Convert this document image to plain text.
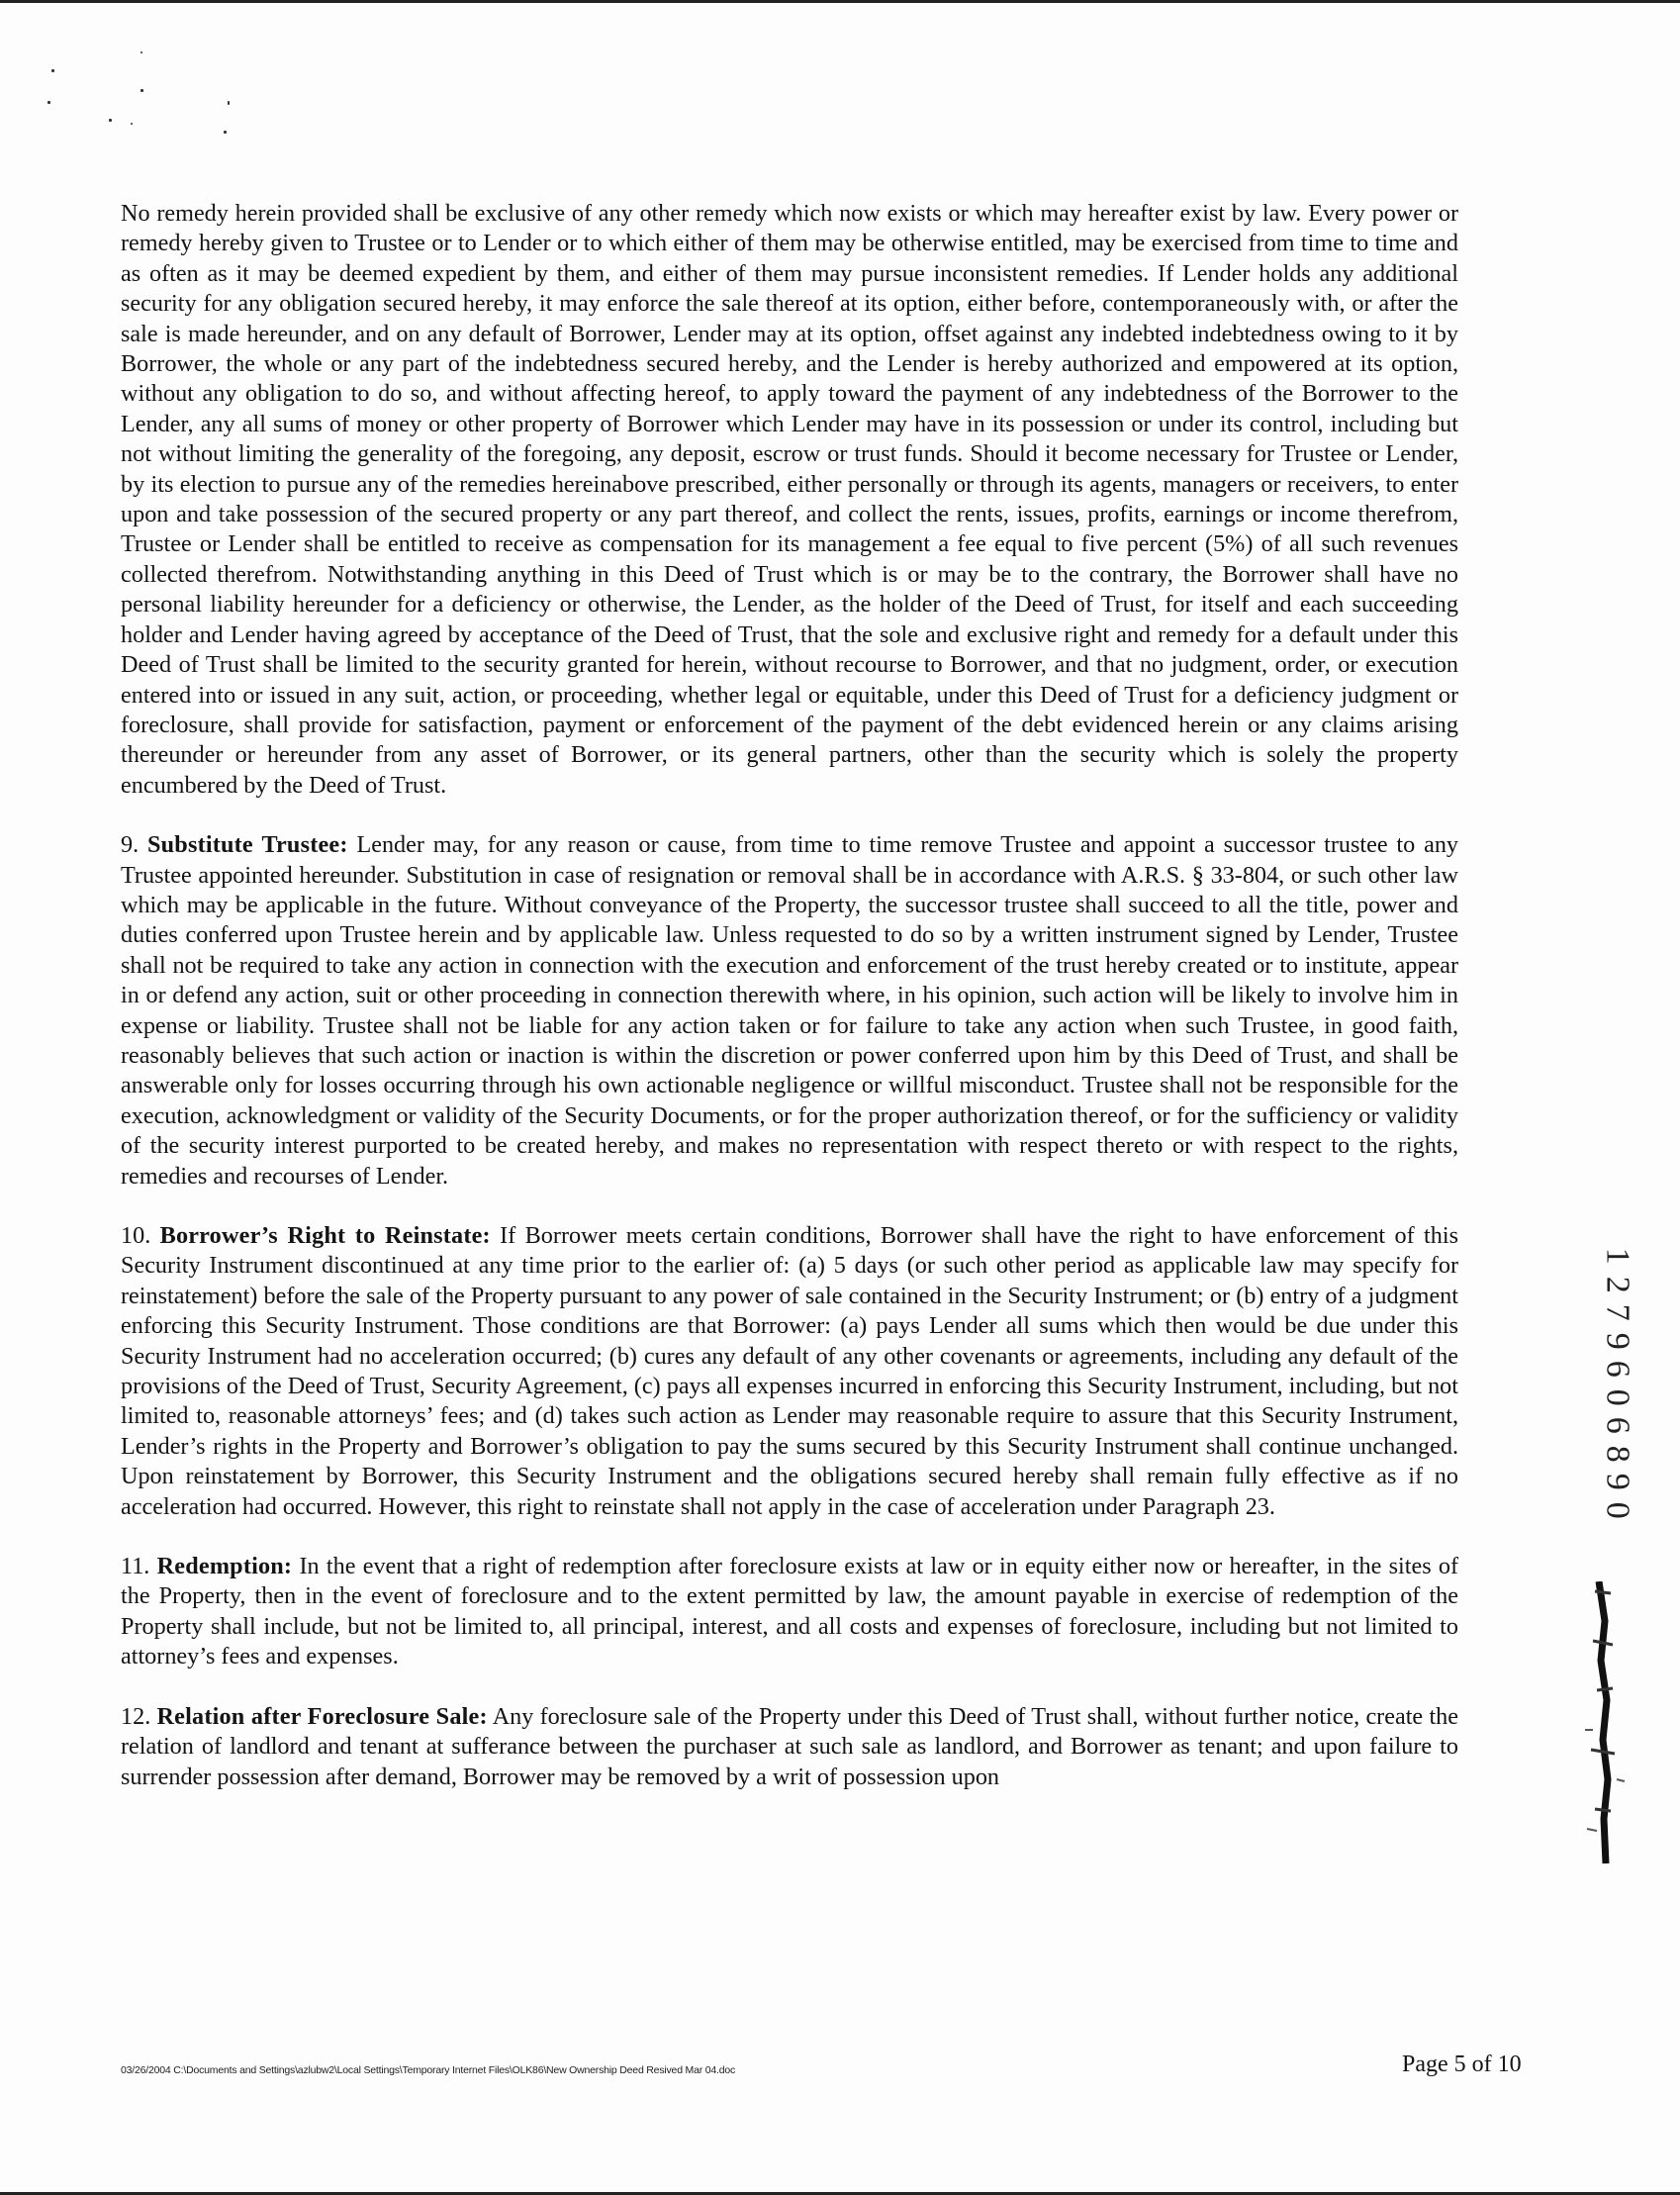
No remedy herein provided shall be exclusive of any other remedy which now exists or which may hereafter exist by law. Every power or remedy hereby given to Trustee or to Lender or to which either of them may be otherwise entitled, may be exercised from time to time and as often as it may be deemed expedient by them, and either of them may pursue inconsistent remedies. If Lender holds any additional security for any obligation secured hereby, it may enforce the sale thereof at its option, either before, contemporaneously with, or after the sale is made hereunder, and on any default of Borrower, Lender may at its option, offset against any indebted indebtedness owing to it by Borrower, the whole or any part of the indebtedness secured hereby, and the Lender is hereby authorized and empowered at its option, without any obligation to do so, and without affecting hereof, to apply toward the payment of any indebtedness of the Borrower to the Lender, any all sums of money or other property of Borrower which Lender may have in its possession or under its control, including but not without limiting the generality of the foregoing, any deposit, escrow or trust funds. Should it become necessary for Trustee or Lender, by its election to pursue any of the remedies hereinabove prescribed, either personally or through its agents, managers or receivers, to enter upon and take possession of the secured property or any part thereof, and collect the rents, issues, profits, earnings or income therefrom, Trustee or Lender shall be entitled to receive as compensation for its management a fee equal to five percent (5%) of all such revenues collected therefrom. Notwithstanding anything in this Deed of Trust which is or may be to the contrary, the Borrower shall have no personal liability hereunder for a deficiency or otherwise, the Lender, as the holder of the Deed of Trust, for itself and each succeeding holder and Lender having agreed by acceptance of the Deed of Trust, that the sole and exclusive right and remedy for a default under this Deed of Trust shall be limited to the security granted for herein, without recourse to Borrower, and that no judgment, order, or execution entered into or issued in any suit, action, or proceeding, whether legal or equitable, under this Deed of Trust for a deficiency judgment or foreclosure, shall provide for satisfaction, payment or enforcement of the payment of the debt evidenced herein or any claims arising thereunder or hereunder from any asset of Borrower, or its general partners, other than the security which is solely the property encumbered by the Deed of Trust.

9. Substitute Trustee: Lender may, for any reason or cause, from time to time remove Trustee and appoint a successor trustee to any Trustee appointed hereunder. Substitution in case of resignation or removal shall be in accordance with A.R.S. § 33-804, or such other law which may be applicable in the future. Without conveyance of the Property, the successor trustee shall succeed to all the title, power and duties conferred upon Trustee herein and by applicable law. Unless requested to do so by a written instrument signed by Lender, Trustee shall not be required to take any action in connection with the execution and enforcement of the trust hereby created or to institute, appear in or defend any action, suit or other proceeding in connection therewith where, in his opinion, such action will be likely to involve him in expense or liability. Trustee shall not be liable for any action taken or for failure to take any action when such Trustee, in good faith, reasonably believes that such action or inaction is within the discretion or power conferred upon him by this Deed of Trust, and shall be answerable only for losses occurring through his own actionable negligence or willful misconduct. Trustee shall not be responsible for the execution, acknowledgment or validity of the Security Documents, or for the proper authorization thereof, or for the sufficiency or validity of the security interest purported to be created hereby, and makes no representation with respect thereto or with respect to the rights, remedies and recourses of Lender.

10. Borrower’s Right to Reinstate: If Borrower meets certain conditions, Borrower shall have the right to have enforcement of this Security Instrument discontinued at any time prior to the earlier of: (a) 5 days (or such other period as applicable law may specify for reinstatement) before the sale of the Property pursuant to any power of sale contained in the Security Instrument; or (b) entry of a judgment enforcing this Security Instrument. Those conditions are that Borrower: (a) pays Lender all sums which then would be due under this Security Instrument had no acceleration occurred; (b) cures any default of any other covenants or agreements, including any default of the provisions of the Deed of Trust, Security Agreement, (c) pays all expenses incurred in enforcing this Security Instrument, including, but not limited to, reasonable attorneys’ fees; and (d) takes such action as Lender may reasonable require to assure that this Security Instrument, Lender’s rights in the Property and Borrower’s obligation to pay the sums secured by this Security Instrument shall continue unchanged. Upon reinstatement by Borrower, this Security Instrument and the obligations secured hereby shall remain fully effective as if no acceleration had occurred. However, this right to reinstate shall not apply in the case of acceleration under Paragraph 23.

11. Redemption: In the event that a right of redemption after foreclosure exists at law or in equity either now or hereafter, in the sites of the Property, then in the event of foreclosure and to the extent permitted by law, the amount payable in exercise of redemption of the Property shall include, but not be limited to, all principal, interest, and all costs and expenses of foreclosure, including but not limited to attorney’s fees and expenses.

12. Relation after Foreclosure Sale: Any foreclosure sale of the Property under this Deed of Trust shall, without further notice, create the relation of landlord and tenant at sufferance between the purchaser at such sale as landlord, and Borrower as tenant; and upon failure to surrender possession after demand, Borrower may be removed by a writ of possession upon

1
2
7
9
6
0
6
8
9
0
03/26/2004 C:\Documents and Settings\azlubw2\Local Settings\Temporary Internet Files\OLK86\New Ownership Deed Resived Mar 04.doc	Page 5 of 10
